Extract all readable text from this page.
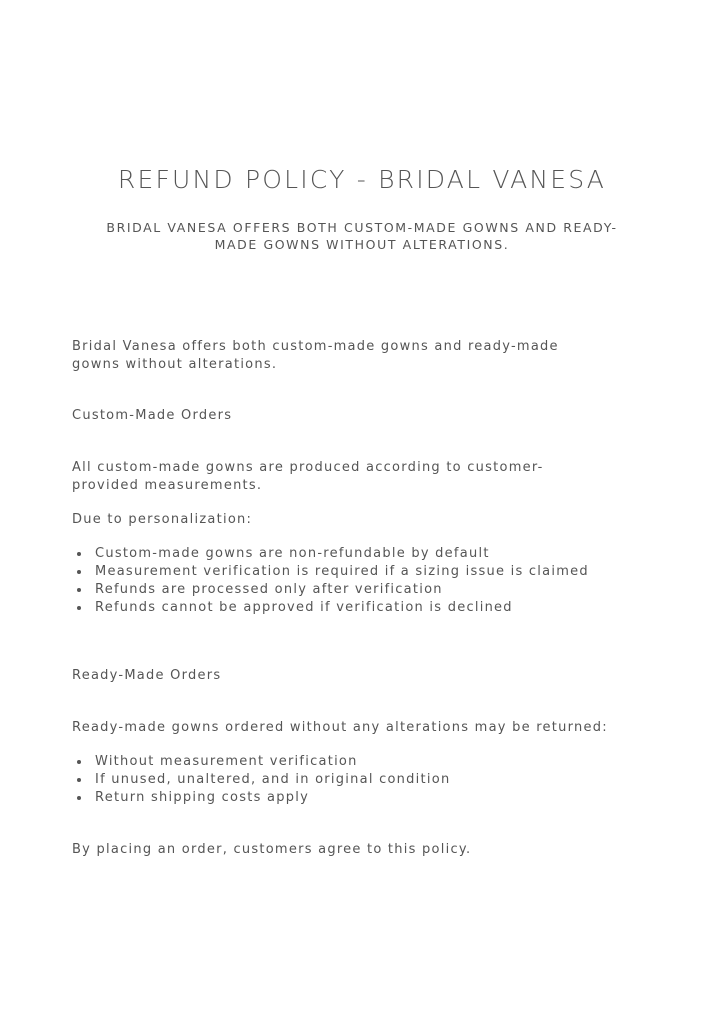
REFUND POLICY - BRIDAL VANESA
BRIDAL VANESA OFFERS BOTH CUSTOM-MADE GOWNS AND READY-
MADE GOWNS WITHOUT ALTERATIONS.

Bridal Vanesa offers both custom-made gowns and ready-made

gowns without alterations.

Custom-Made Orders

All custom-made gowns are produced according to customer-

provided measurements.

Due to personalization:

Custom-made gowns are non-refundable by default
Measurement verification is required if a sizing issue is claimed
Refunds are processed only after verification
Refunds cannot be approved if verification is declined

Ready-Made Orders

Ready-made gowns ordered without any alterations may be returned:

Without measurement verification
If unused, unaltered, and in original condition
Return shipping costs apply

By placing an order, customers agree to this policy.
